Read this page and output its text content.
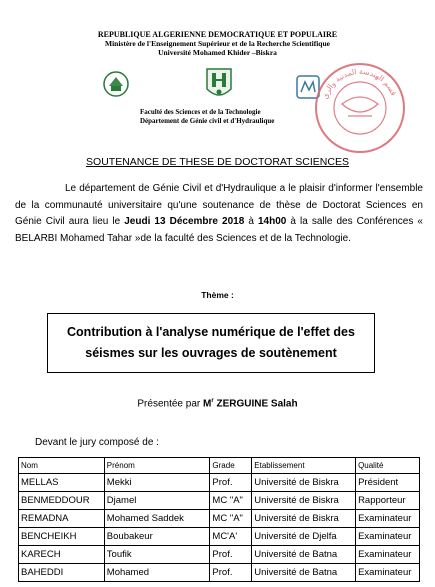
REPUBLIQUE ALGERIENNE DEMOCRATIQUE ET POPULAIRE
Ministère de l'Enseignement Supérieur et de la Recherche Scientifique
Université Mohamed Khider –Biskra
قسم الهندسة المدنية والري
Faculté des Sciences et de la Technologie
Département de Génie civil et d'Hydraulique
SOUTENANCE DE THESE DE DOCTORAT SCIENCES
Le département de Génie Civil et d'Hydraulique a le plaisir d'informer l'ensemble de la communauté universitaire qu'une soutenance de thèse de Doctorat Sciences en Génie Civil aura lieu le Jeudi 13 Décembre 2018 à 14h00 à la salle des Conférences « BELARBI Mohamed Tahar »de la faculté des Sciences et de la Technologie.
Thème :
Contribution à l'analyse numérique de l'effet des séismes sur les ouvrages de soutènement
Présentée par $M^r$ ZERGUINE Salah
Devant le jury composé de :
Nom	Prénom	Grade	Etablissement	Qualité
MELLAS	Mekki	Prof.	Université de Biskra	Président
BENMEDDOUR	Djamel	MC "A"	Université de Biskra	Rapporteur
REMADNA	Mohamed Saddek	MC "A"	Université de Biskra	Examinateur
BENCHEIKH	Boubakeur	MC'A'	Université de Djelfa	Examinateur
KARECH	Toufik	Prof.	Université de Batna	Examinateur
BAHEDDI	Mohamed	Prof.	Université de Batna	Examinateur
